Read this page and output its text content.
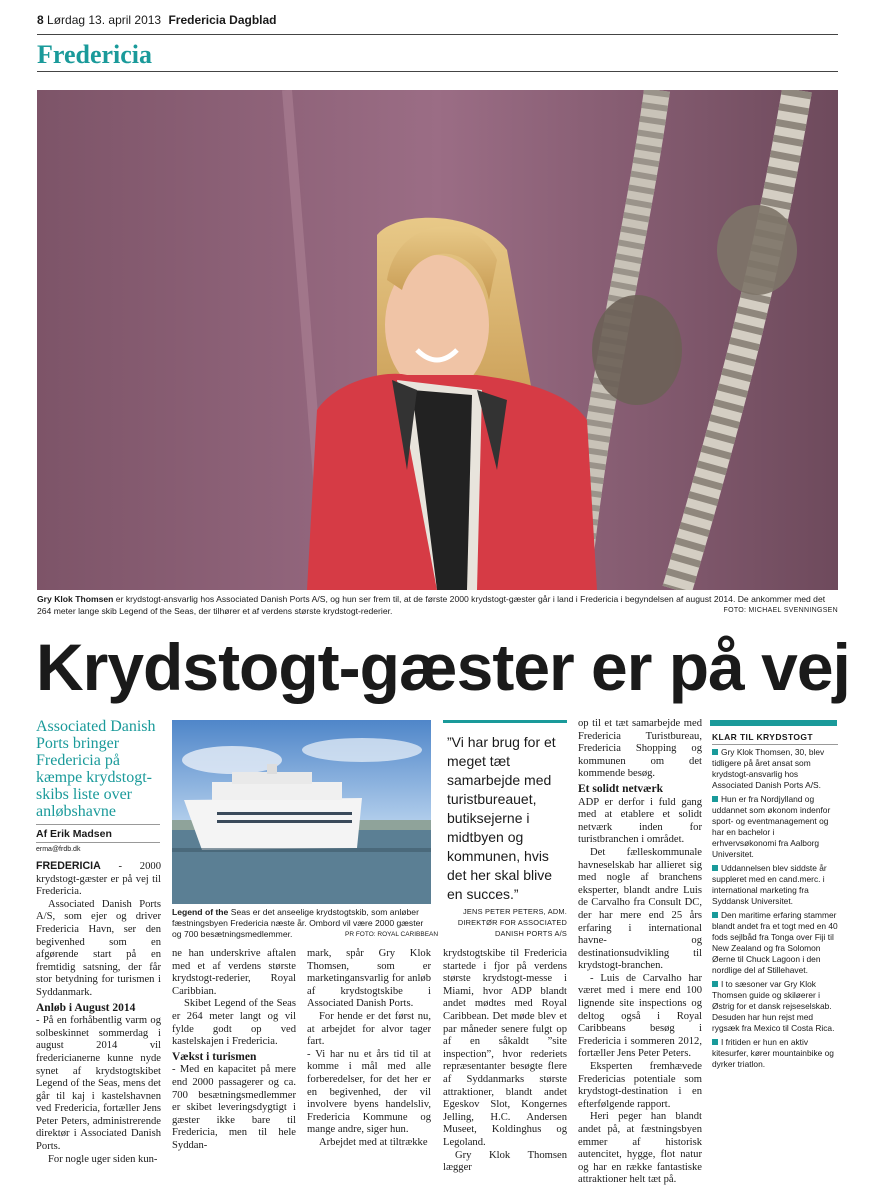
8 Lørdag 13. april 2013 Fredericia Dagblad
Fredericia
Gry Klok Thomsen er krydstogt-ansvarlig hos Associated Danish Ports A/S, og hun ser frem til, at de første 2000 krydstogt-gæster går i land i Fredericia i begyndelsen af august 2014. De ankommer med det 264 meter lange skib Legend of the Seas, der tilhører et af verdens største krydstogt-rederier.	FOTO: MICHAEL SVENNINGSEN
Krydstogt-gæster er på vej
Associated Danish Ports bringer Fredericia på kæmpe krydstogt-skibs liste over anløbshavne
Af Erik Madsen
erma@frdb.dk

FREDERICIA - 2000 krydstogt-gæster er på vej til Fredericia.

Associated Danish Ports A/S, som ejer og driver Fredericia Havn, ser den begivenhed som en afgørende start på en fremtidig satsning, der får stor betydning for turismen i Syddanmark.

Anløb i August 2014

- På en forhåbentlig varm og solbeskinnet sommerdag i august 2014 vil fredericianerne kunne nyde synet af krydstogtskibet Legend of the Seas, mens det går til kaj i kastelshavnen ved Fredericia, fortæller Jens Peter Peters, administrerende direktør i Associated Danish Ports.

For nogle uger siden kun-

Legend of the Seas er det anseelige krydstogtskib, som anløber fæstningsbyen Fredericia næste år. Ombord vil være 2000 gæster og 700 besætningsmedlemmer.	PR FOTO: ROYAL CARIBBEAN

ne han underskrive aftalen med et af verdens største krydstogt-rederier, Royal Caribbian.

Skibet Legend of the Seas er 264 meter langt og vil fylde godt op ved kastelskajen i Fredericia.

Vækst i turismen

- Med en kapacitet på mere end 2000 passagerer og ca. 700 besætningsmedlemmer er skibet leveringsdygtigt i gæster ikke bare til Fredericia, men til hele Syddan-

mark, spår Gry Klok Thomsen, som er marketingansvarlig for anløb af krydstogtskibe i Associated Danish Ports.

For hende er det først nu, at arbejdet for alvor tager fart.

- Vi har nu et års tid til at komme i mål med alle forberedelser, for det her er en begivenhed, der vil involvere byens handelsliv, Fredericia Kommune og mange andre, siger hun.

Arbejdet med at tiltrække

”Vi har brug for et meget tæt samarbejde med turistbureauet, butiksejerne i midtbyen og kommunen, hvis det her skal blive en succes.”
JENS PETER PETERS, ADM. DIREKTØR FOR ASSOCIATED DANISH PORTS A/S

krydstogtskibe til Fredericia startede i fjor på verdens største krydstogt-messe i Miami, hvor ADP blandt andet mødtes med Royal Caribbean. Det møde blev et par måneder senere fulgt op af en såkaldt ”site inspection”, hvor rederiets repræsentanter besøgte flere af Syddanmarks største attraktioner, blandt andet Egeskov Slot, Kongernes Jelling, H.C. Andersen Museet, Koldinghus og Legoland.

Gry Klok Thomsen lægger

op til et tæt samarbejde med Fredericia Turistbureau, Fredericia Shopping og kommunen om det kommende besøg.

Et solidt netværk

ADP er derfor i fuld gang med at etablere et solidt netværk inden for turistbranchen i området.

Det fælleskommunale havneselskab har allieret sig med nogle af branchens eksperter, blandt andre Luis de Carvalho fra Consult DC, der har mere end 25 års erfaring i international havne- og destinationsudvikling til krydstogt-branchen.

- Luis de Carvalho har været med i mere end 100 lignende site inspections og deltog også i Royal Caribbeans besøg i Fredericia i sommeren 2012, fortæller Jens Peter Peters.

Eksperten fremhævede Fredericias potentiale som krydstogt-destination i en efterfølgende rapport.

Heri peger han blandt andet på, at fæstningsbyen emmer af historisk autencitet, hygge, flot natur og har en række fantastiske attraktioner helt tæt på.

KLAR TIL KRYDSTOGT

Gry Klok Thomsen, 30, blev tidligere på året ansat som krydstogt-ansvarlig hos Associated Danish Ports A/S.

Hun er fra Nordjylland og uddannet som økonom indenfor sport- og eventmanagement og har en bachelor i erhvervsøkonomi fra Aalborg Universitet.

Uddannelsen blev siddste år suppleret med en cand.merc. i international marketing fra Syddansk Universitet.

Den maritime erfaring stammer blandt andet fra et togt med en 40 fods sejlbåd fra Tonga over Fiji til New Zealand og fra Solomon Øerne til Chuck Lagoon i den nordlige del af Stillehavet.

I to sæsoner var Gry Klok Thomsen guide og skiløerer i Østrig for et dansk rejseselskab. Desuden har hun rejst med rygsæk fra Mexico til Costa Rica.

I fritiden er hun en aktiv kitesurfer, kører mountainbike og dyrker triatlon.
